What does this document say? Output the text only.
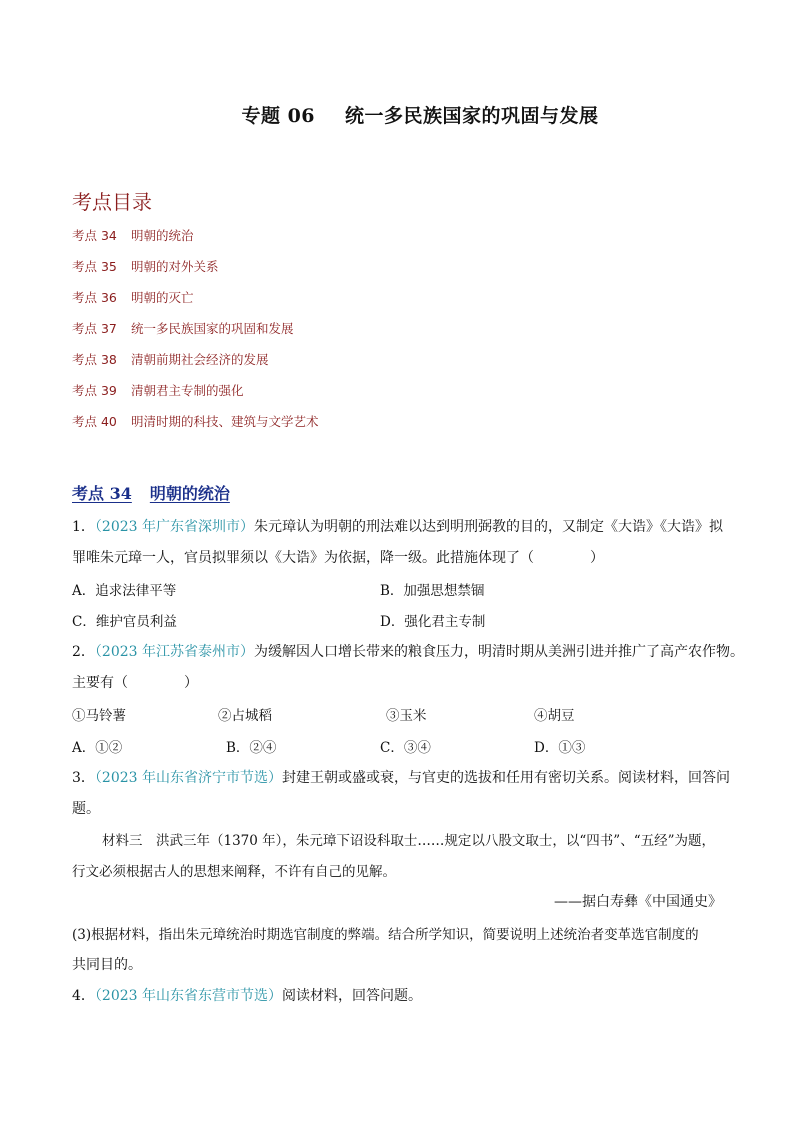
专题 06 统一多民族国家的巩固与发展
考点目录
考点 34 明朝的统治
考点 35 明朝的对外关系
考点 36 明朝的灭亡
考点 37 统一多民族国家的巩固和发展
考点 38 清朝前期社会经济的发展
考点 39 清朝君主专制的强化
考点 40 明清时期的科技、建筑与文学艺术
考点 34 明朝的统治
1．（2023 年广东省深圳市）朱元璋认为明朝的刑法难以达到明刑弼教的目的，又制定《大诰》《大诰》拟
罪唯朱元璋一人，官员拟罪须以《大诰》为依据，降一级。此措施体现了（　　　　）
A．追求法律平等	B．加强思想禁锢
C．维护官员利益	D．强化君主专制
2．（2023 年江苏省泰州市）为缓解因人口增长带来的粮食压力，明清时期从美洲引进并推广了高产农作物。
主要有（　　　　）
①马铃薯	②占城稻	③玉米	④胡豆
A．①②	B．②④	C．③④	D．①③
3．（2023 年山东省济宁市节选）封建王朝或盛或衰，与官吏的选拔和任用有密切关系。阅读材料，回答问
题。
材料三　洪武三年（1370 年），朱元璋下诏设科取士……规定以八股文取士，以“四书”、“五经”为题，
行文必须根据古人的思想来阐释，不许有自己的见解。
——据白寿彝《中国通史》
(3)根据材料，指出朱元璋统治时期选官制度的弊端。结合所学知识，简要说明上述统治者变革选官制度的
共同目的。
4．（2023 年山东省东营市节选）阅读材料，回答问题。
